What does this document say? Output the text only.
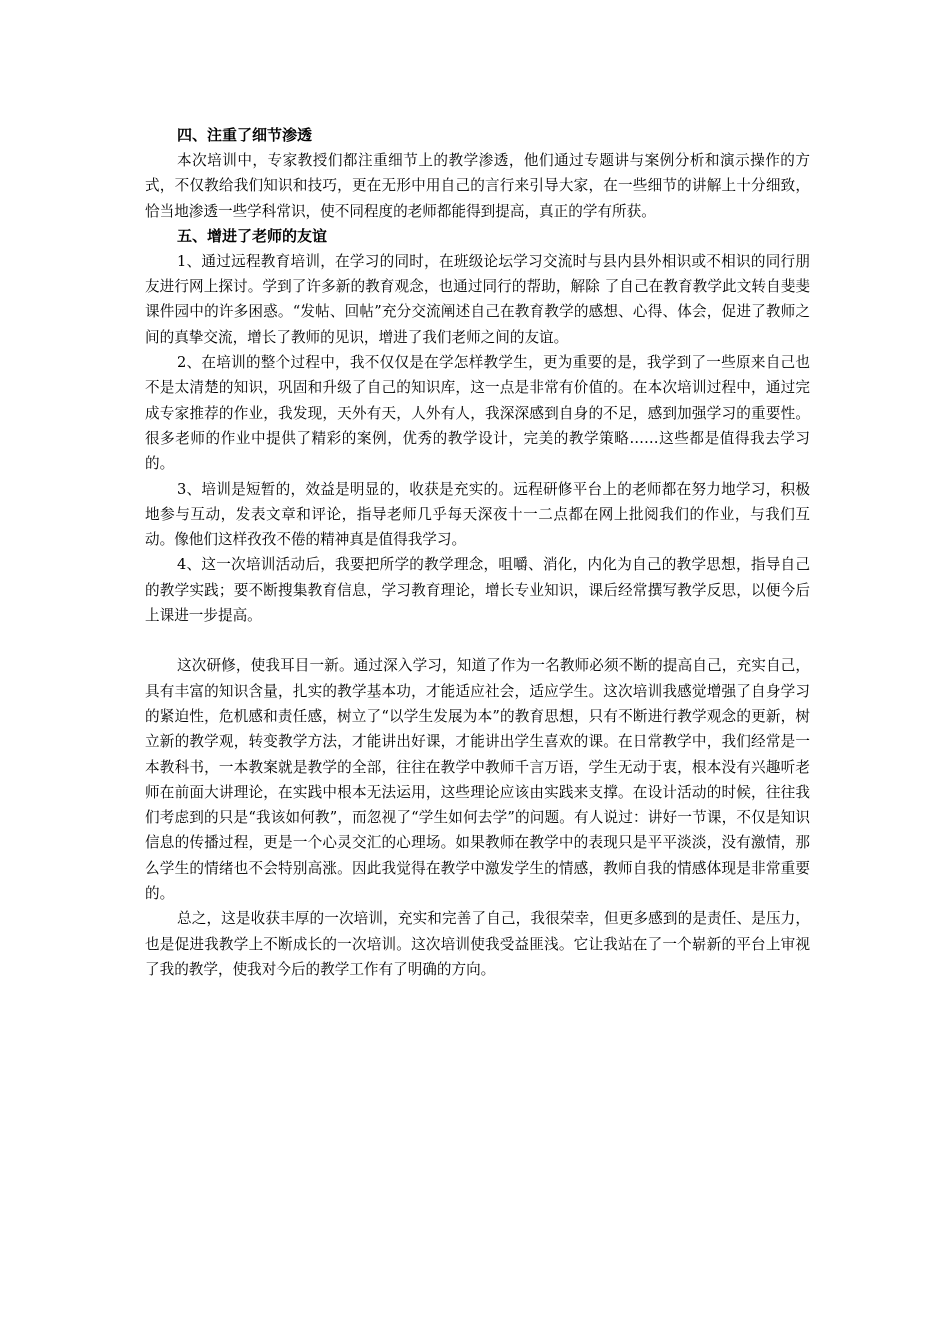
四、注重了细节渗透

本次培训中，专家教授们都注重细节上的教学渗透，他们通过专题讲与案例分析和演示操作的方式，不仅教给我们知识和技巧，更在无形中用自己的言行来引导大家，在一些细节的讲解上十分细致，恰当地渗透一些学科常识，使不同程度的老师都能得到提高，真正的学有所获。

五、增进了老师的友谊

1、通过远程教育培训，在学习的同时，在班级论坛学习交流时与县内县外相识或不相识的同行朋友进行网上探讨。学到了许多新的教育观念，也通过同行的帮助，解除 了自己在教育教学此文转自斐斐课件园中的许多困惑。“发帖、回帖”充分交流阐述自己在教育教学的感想、心得、体会，促进了教师之间的真挚交流，增长了教师的见识，增进了我们老师之间的友谊。

2、在培训的整个过程中，我不仅仅是在学怎样教学生，更为重要的是，我学到了一些原来自己也不是太清楚的知识，巩固和升级了自己的知识库，这一点是非常有价值的。在本次培训过程中，通过完成专家推荐的作业，我发现，天外有天，人外有人，我深深感到自身的不足，感到加强学习的重要性。很多老师的作业中提供了精彩的案例，优秀的教学设计，完美的教学策略……这些都是值得我去学习的。

3、培训是短暂的，效益是明显的，收获是充实的。远程研修平台上的老师都在努力地学习，积极地参与互动，发表文章和评论，指导老师几乎每天深夜十一二点都在网上批阅我们的作业，与我们互动。像他们这样孜孜不倦的精神真是值得我学习。

4、这一次培训活动后，我要把所学的教学理念，咀嚼、消化，内化为自己的教学思想，指导自己的教学实践；要不断搜集教育信息，学习教育理论，增长专业知识，课后经常撰写教学反思，以便今后上课进一步提高。

这次研修，使我耳目一新。通过深入学习，知道了作为一名教师必须不断的提高自己，充实自己，具有丰富的知识含量，扎实的教学基本功，才能适应社会，适应学生。这次培训我感觉增强了自身学习的紧迫性，危机感和责任感，树立了“以学生发展为本”的教育思想，只有不断进行教学观念的更新，树立新的教学观，转变教学方法，才能讲出好课，才能讲出学生喜欢的课。在日常教学中，我们经常是一本教科书，一本教案就是教学的全部，往往在教学中教师千言万语，学生无动于衷，根本没有兴趣听老师在前面大讲理论，在实践中根本无法运用，这些理论应该由实践来支撑。在设计活动的时候，往往我们考虑到的只是“我该如何教”，而忽视了“学生如何去学”的问题。有人说过：讲好一节课，不仅是知识信息的传播过程，更是一个心灵交汇的心理场。如果教师在教学中的表现只是平平淡淡，没有激情，那么学生的情绪也不会特别高涨。因此我觉得在教学中激发学生的情感，教师自我的情感体现是非常重要的。

总之，这是收获丰厚的一次培训，充实和完善了自己，我很荣幸，但更多感到的是责任、是压力，也是促进我教学上不断成长的一次培训。这次培训使我受益匪浅。它让我站在了一个崭新的平台上审视了我的教学，使我对今后的教学工作有了明确的方向。
